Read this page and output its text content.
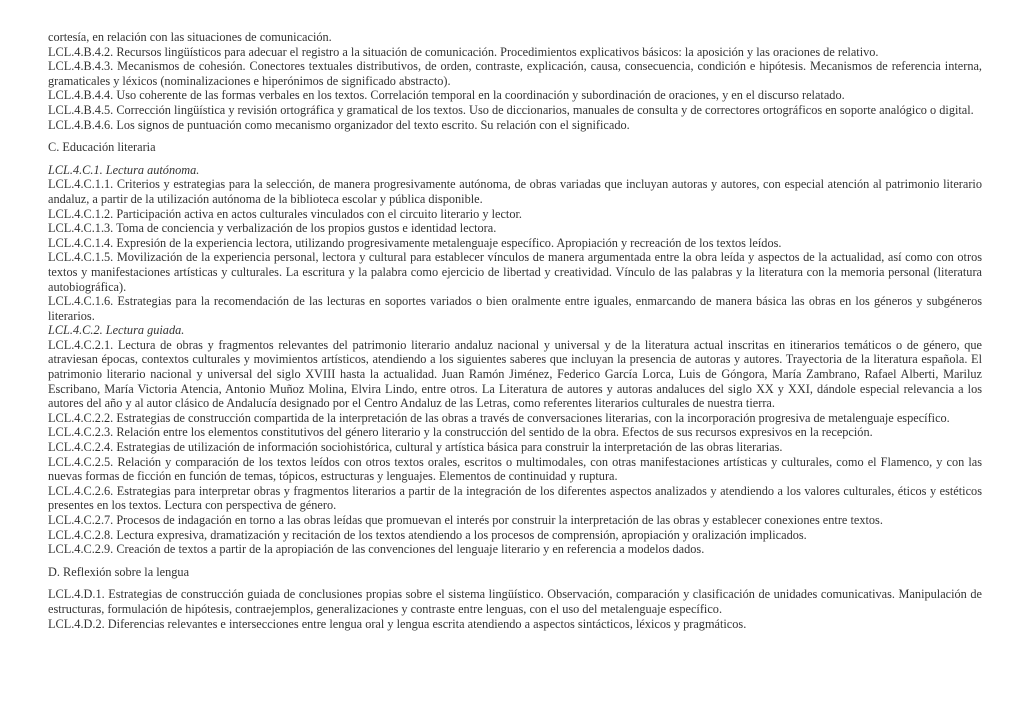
cortesía, en relación con las situaciones de comunicación.

LCL.4.B.4.2. Recursos lingüísticos para adecuar el registro a la situación de comunicación. Procedimientos explicativos básicos: la aposición y las oraciones de relativo.

LCL.4.B.4.3. Mecanismos de cohesión. Conectores textuales distributivos, de orden, contraste, explicación, causa, consecuencia, condición e hipótesis. Mecanismos de referencia interna, gramaticales y léxicos (nominalizaciones e hiperónimos de significado abstracto).

LCL.4.B.4.4. Uso coherente de las formas verbales en los textos. Correlación temporal en la coordinación y subordinación de oraciones, y en el discurso relatado.

LCL.4.B.4.5. Corrección lingüística y revisión ortográfica y gramatical de los textos. Uso de diccionarios, manuales de consulta y de correctores ortográficos en soporte analógico o digital.

LCL.4.B.4.6. Los signos de puntuación como mecanismo organizador del texto escrito. Su relación con el significado.

C. Educación literaria

LCL.4.C.1. Lectura autónoma.

LCL.4.C.1.1. Criterios y estrategias para la selección, de manera progresivamente autónoma, de obras variadas que incluyan autoras y autores, con especial atención al patrimonio literario andaluz, a partir de la utilización autónoma de la biblioteca escolar y pública disponible.

LCL.4.C.1.2. Participación activa en actos culturales vinculados con el circuito literario y lector.

LCL.4.C.1.3. Toma de conciencia y verbalización de los propios gustos e identidad lectora.

LCL.4.C.1.4. Expresión de la experiencia lectora, utilizando progresivamente metalenguaje específico. Apropiación y recreación de los textos leídos.

LCL.4.C.1.5. Movilización de la experiencia personal, lectora y cultural para establecer vínculos de manera argumentada entre la obra leída y aspectos de la actualidad, así como con otros textos y manifestaciones artísticas y culturales. La escritura y la palabra como ejercicio de libertad y creatividad. Vínculo de las palabras y la literatura con la memoria personal (literatura autobiográfica).

LCL.4.C.1.6. Estrategias para la recomendación de las lecturas en soportes variados o bien oralmente entre iguales, enmarcando de manera básica las obras en los géneros y subgéneros literarios.

LCL.4.C.2. Lectura guiada.

LCL.4.C.2.1. Lectura de obras y fragmentos relevantes del patrimonio literario andaluz nacional y universal y de la literatura actual inscritas en itinerarios temáticos o de género, que atraviesan épocas, contextos culturales y movimientos artísticos, atendiendo a los siguientes saberes que incluyan la presencia de autoras y autores. Trayectoria de la literatura española. El patrimonio literario nacional y universal del siglo XVIII hasta la actualidad. Juan Ramón Jiménez, Federico García Lorca, Luis de Góngora, María Zambrano, Rafael Alberti, Mariluz Escribano, María Victoria Atencia, Antonio Muñoz Molina, Elvira Lindo, entre otros. La Literatura de autores y autoras andaluces del siglo XX y XXI, dándole especial relevancia a los autores del año y al autor clásico de Andalucía designado por el Centro Andaluz de las Letras, como referentes literarios culturales de nuestra tierra.

LCL.4.C.2.2. Estrategias de construcción compartida de la interpretación de las obras a través de conversaciones literarias, con la incorporación progresiva de metalenguaje específico.

LCL.4.C.2.3. Relación entre los elementos constitutivos del género literario y la construcción del sentido de la obra. Efectos de sus recursos expresivos en la recepción.

LCL.4.C.2.4. Estrategias de utilización de información sociohistórica, cultural y artística básica para construir la interpretación de las obras literarias.

LCL.4.C.2.5. Relación y comparación de los textos leídos con otros textos orales, escritos o multimodales, con otras manifestaciones artísticas y culturales, como el Flamenco, y con las nuevas formas de ficción en función de temas, tópicos, estructuras y lenguajes. Elementos de continuidad y ruptura.

LCL.4.C.2.6. Estrategias para interpretar obras y fragmentos literarios a partir de la integración de los diferentes aspectos analizados y atendiendo a los valores culturales, éticos y estéticos presentes en los textos. Lectura con perspectiva de género.

LCL.4.C.2.7. Procesos de indagación en torno a las obras leídas que promuevan el interés por construir la interpretación de las obras y establecer conexiones entre textos.

LCL.4.C.2.8. Lectura expresiva, dramatización y recitación de los textos atendiendo a los procesos de comprensión, apropiación y oralización implicados.

LCL.4.C.2.9. Creación de textos a partir de la apropiación de las convenciones del lenguaje literario y en referencia a modelos dados.

D. Reflexión sobre la lengua

LCL.4.D.1. Estrategias de construcción guiada de conclusiones propias sobre el sistema lingüístico. Observación, comparación y clasificación de unidades comunicativas. Manipulación de estructuras, formulación de hipótesis, contraejemplos, generalizaciones y contraste entre lenguas, con el uso del metalenguaje específico.

LCL.4.D.2. Diferencias relevantes e intersecciones entre lengua oral y lengua escrita atendiendo a aspectos sintácticos, léxicos y pragmáticos.
